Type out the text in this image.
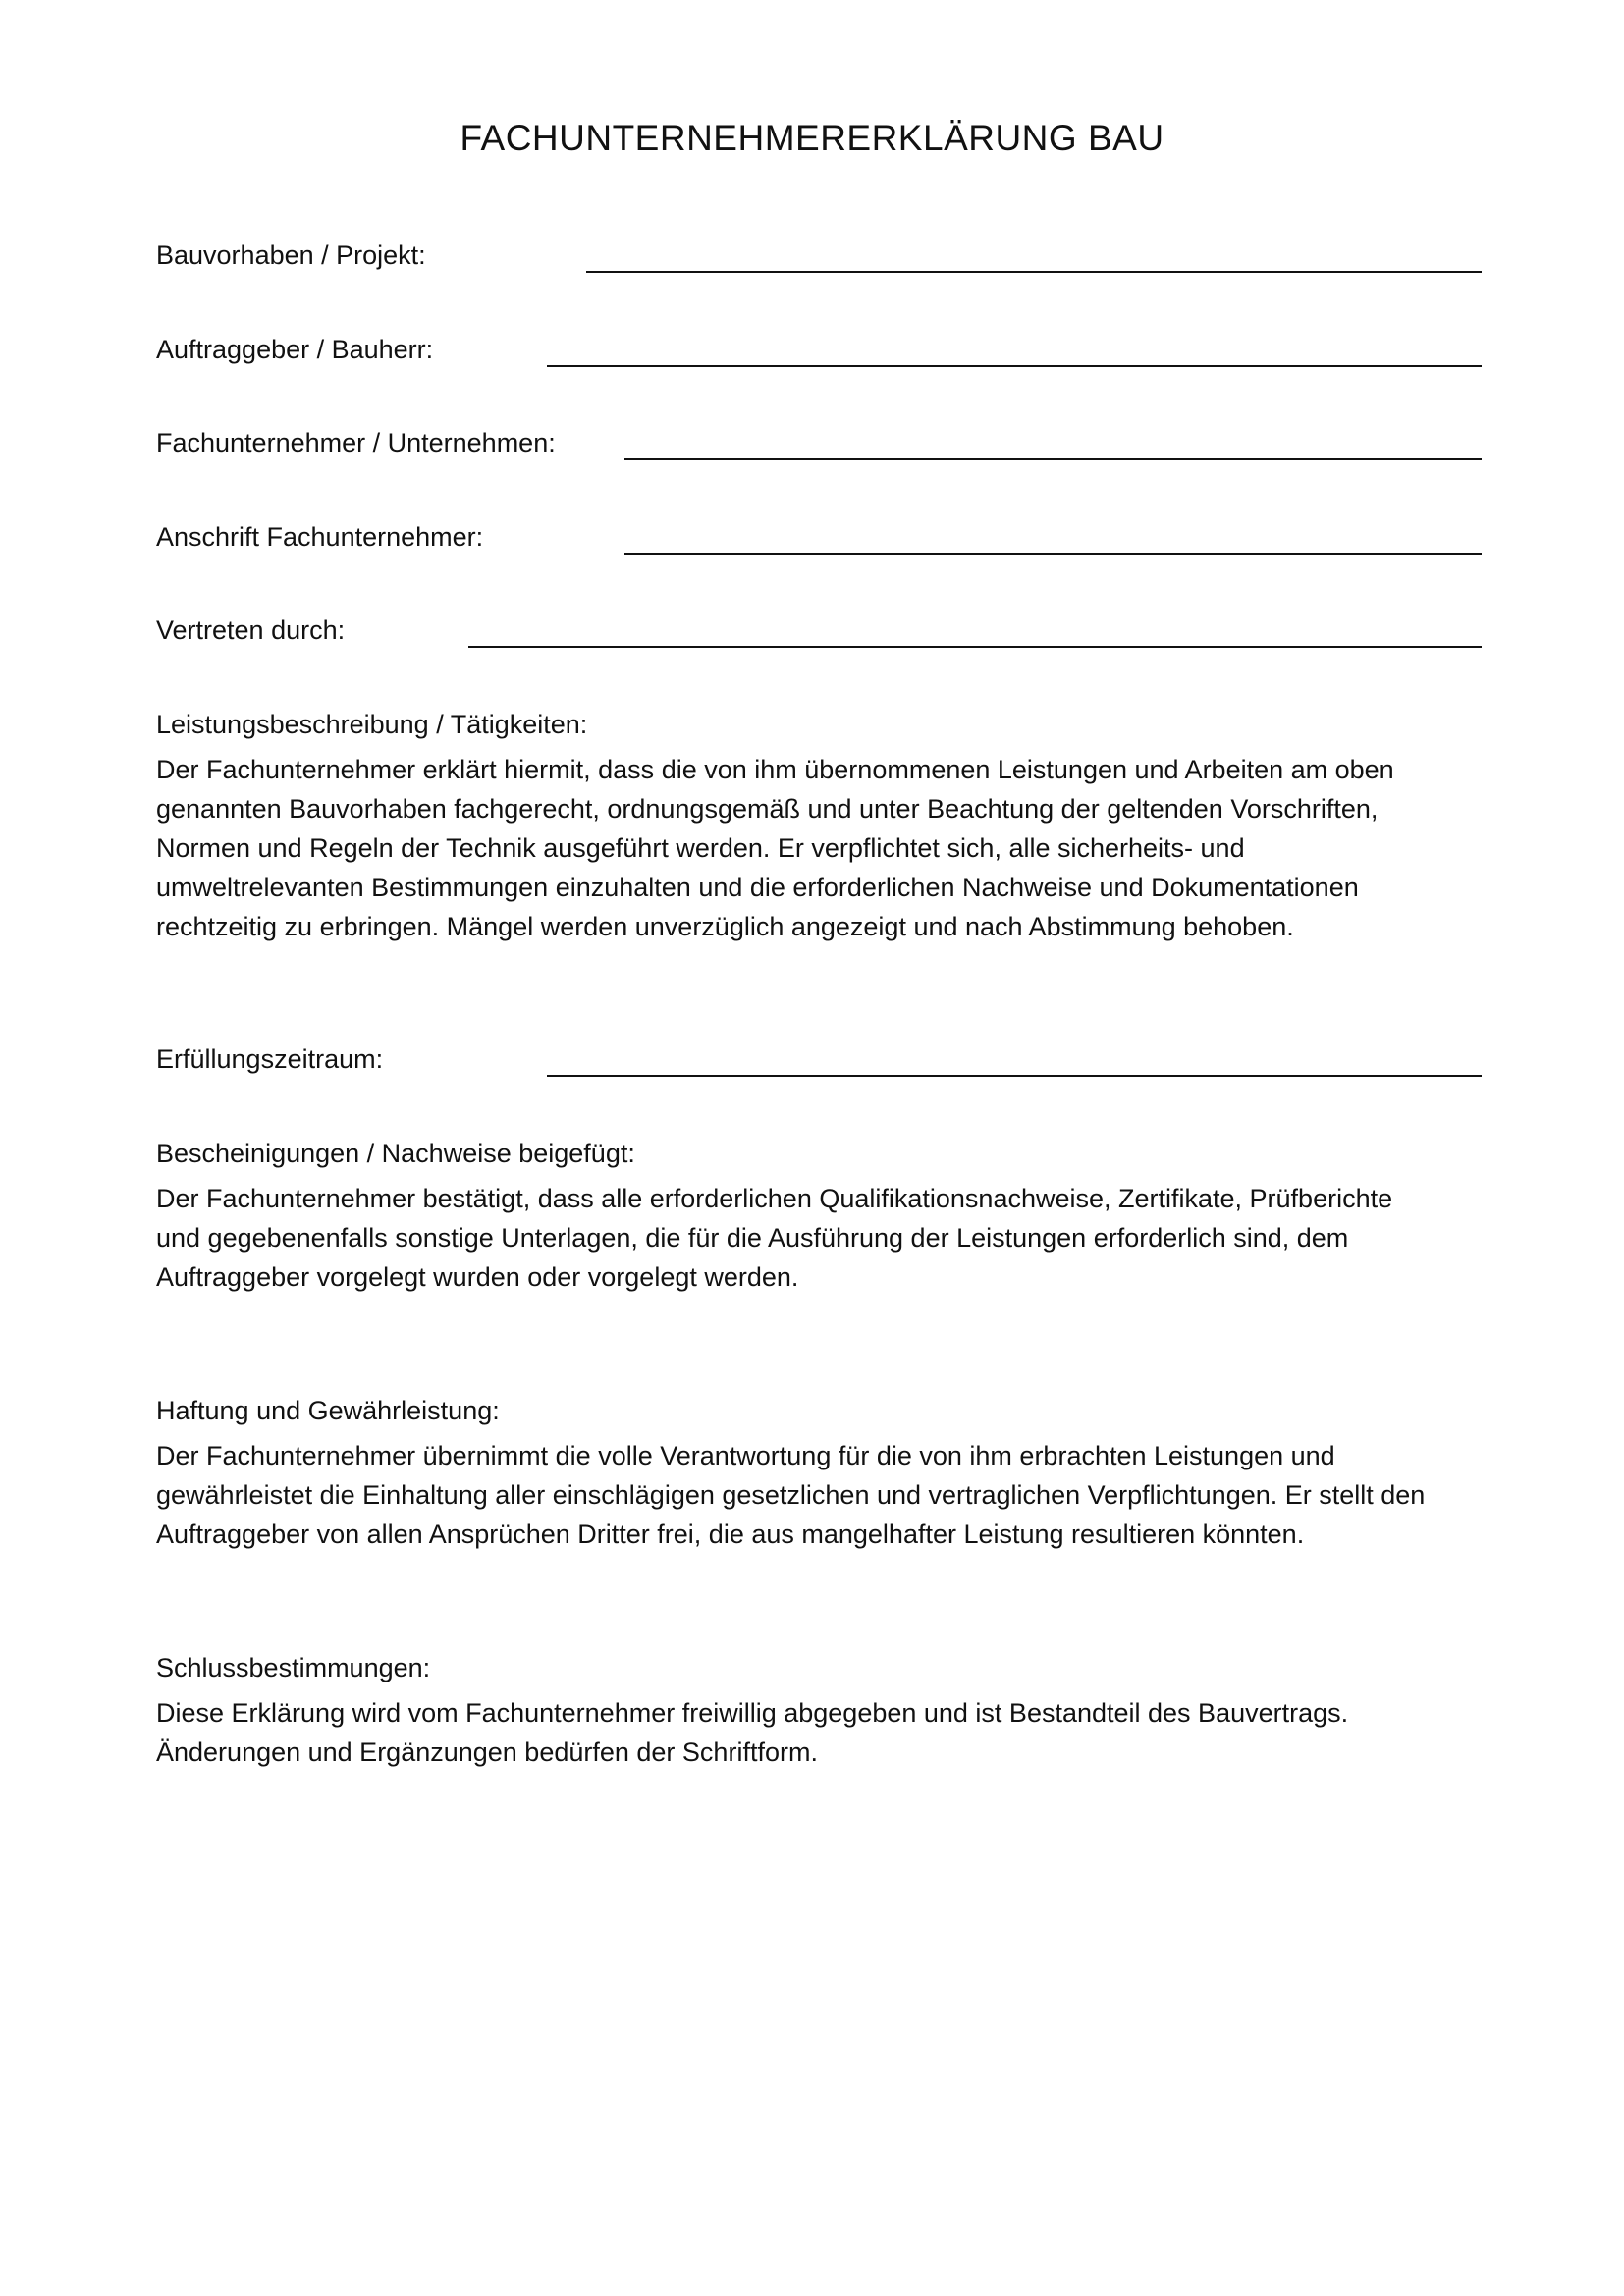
FACHUNTERNEHMERERKLÄRUNG BAU
Bauvorhaben / Projekt:
Auftraggeber / Bauherr:
Fachunternehmer / Unternehmen:
Anschrift Fachunternehmer:
Vertreten durch:
Leistungsbeschreibung / Tätigkeiten:
Der Fachunternehmer erklärt hiermit, dass die von ihm übernommenen Leistungen und Arbeiten am oben
genannten Bauvorhaben fachgerecht, ordnungsgemäß und unter Beachtung der geltenden Vorschriften,
Normen und Regeln der Technik ausgeführt werden. Er verpflichtet sich, alle sicherheits- und
umweltrelevanten Bestimmungen einzuhalten und die erforderlichen Nachweise und Dokumentationen
rechtzeitig zu erbringen. Mängel werden unverzüglich angezeigt und nach Abstimmung behoben.
Erfüllungszeitraum:
Bescheinigungen / Nachweise beigefügt:
Der Fachunternehmer bestätigt, dass alle erforderlichen Qualifikationsnachweise, Zertifikate, Prüfberichte
und gegebenenfalls sonstige Unterlagen, die für die Ausführung der Leistungen erforderlich sind, dem
Auftraggeber vorgelegt wurden oder vorgelegt werden.
Haftung und Gewährleistung:
Der Fachunternehmer übernimmt die volle Verantwortung für die von ihm erbrachten Leistungen und
gewährleistet die Einhaltung aller einschlägigen gesetzlichen und vertraglichen Verpflichtungen. Er stellt den
Auftraggeber von allen Ansprüchen Dritter frei, die aus mangelhafter Leistung resultieren könnten.
Schlussbestimmungen:
Diese Erklärung wird vom Fachunternehmer freiwillig abgegeben und ist Bestandteil des Bauvertrags.
Änderungen und Ergänzungen bedürfen der Schriftform.
